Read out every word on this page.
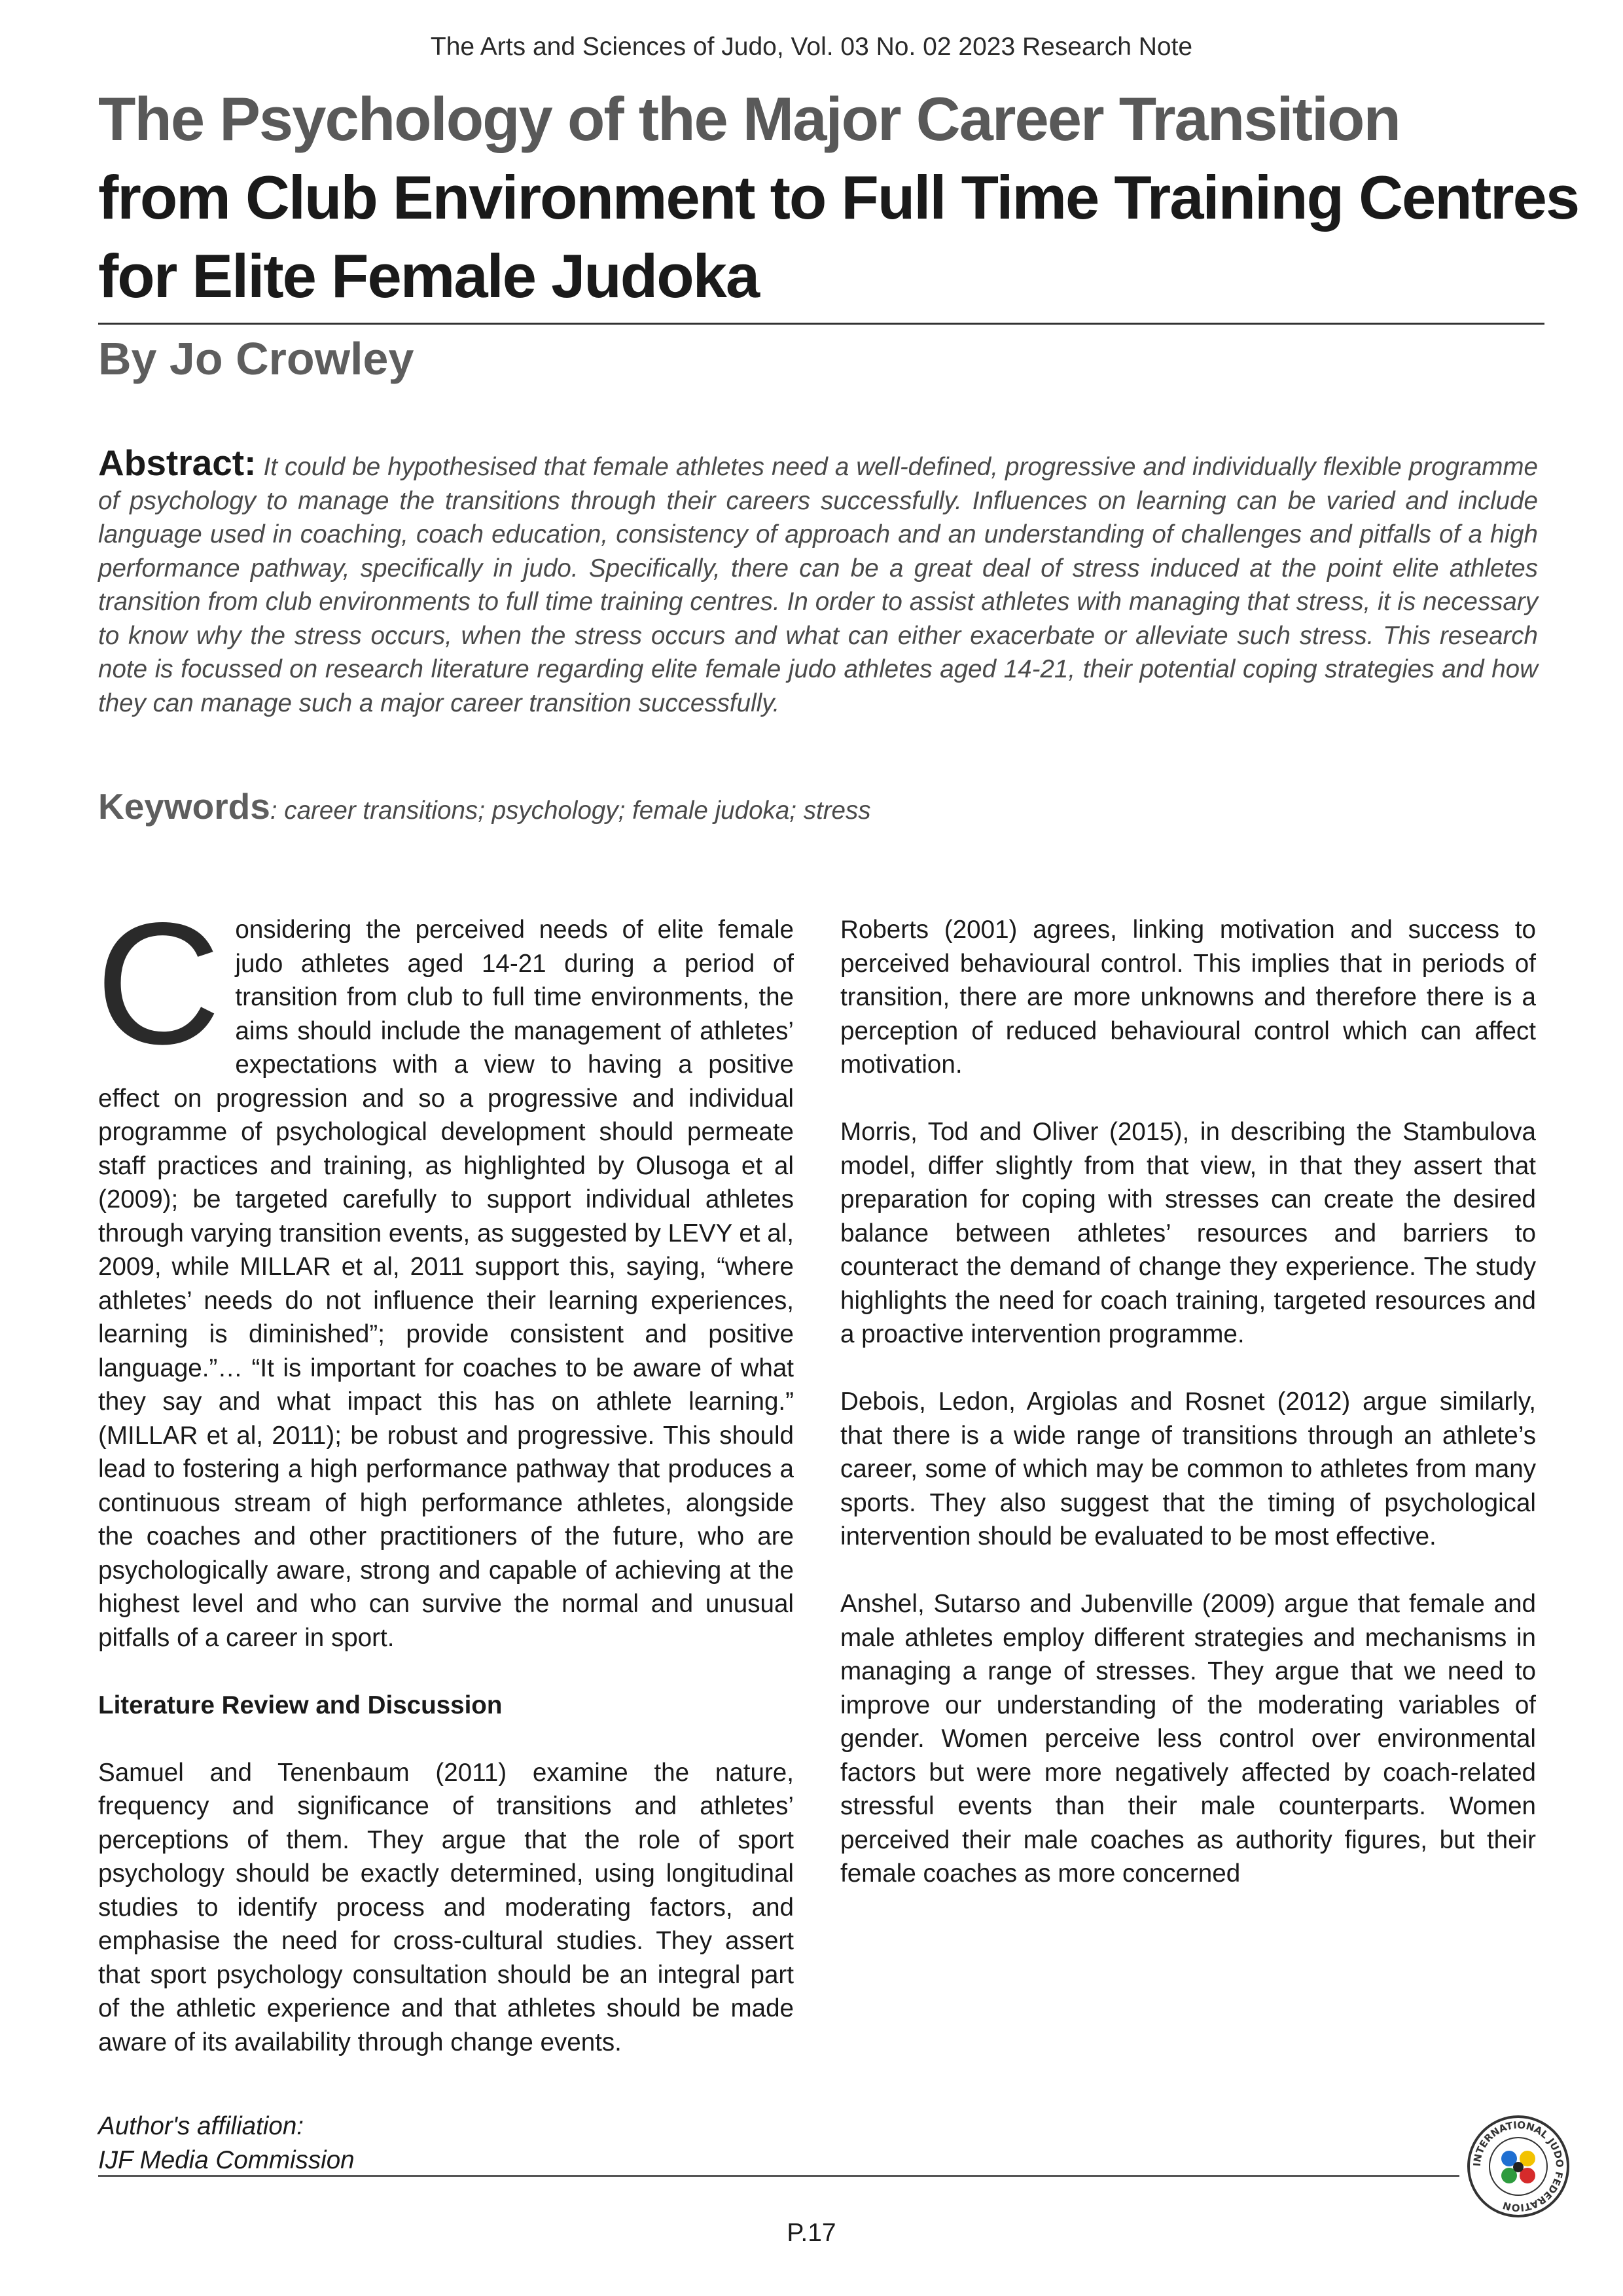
The Arts and Sciences of Judo, Vol. 03 No. 02 2023 Research Note
The Psychology of the Major Career Transition
from Club Environment to Full Time Training Centres
for Elite Female Judoka
By Jo Crowley

Abstract: It could be hypothesised that female athletes need a well-defined, progressive and individually flexible programme of psychology to manage the transitions through their careers successfully. Influences on learning can be varied and include language used in coaching, coach education, consistency of approach and an understanding of challenges and pitfalls of a high performance pathway, specifically in judo. Specifically, there can be a great deal of stress induced at the point elite athletes transition from club environments to full time training centres. In order to assist athletes with managing that stress, it is necessary to know why the stress occurs, when the stress occurs and what can either exacerbate or alleviate such stress. This research note is focussed on research literature regarding elite female judo athletes aged 14-21, their potential coping strategies and how they can manage such a major career transition successfully.

Keywords: career transitions; psychology; female judoka; stress

Considering the perceived needs of elite female judo athletes aged 14-21 during a period of transition from club to full time environments, the aims should include the management of athletes’ expectations with a view to having a positive effect on progression and so a progressive and individual programme of psychological development should permeate staff practices and training, as highlighted by Olusoga et al (2009); be targeted carefully to support individual athletes through varying transition events, as suggested by LEVY et al, 2009, while MILLAR et al, 2011 support this, saying, “where athletes’ needs do not influence their learning experiences, learning is diminished”; provide consistent and positive language.”… “It is important for coaches to be aware of what they say and what impact this has on athlete learning.” (MILLAR et al, 2011); be robust and progressive. This should lead to fostering a high performance pathway that produces a continuous stream of high performance athletes, alongside the coaches and other practitioners of the future, who are psychologically aware, strong and capable of achieving at the highest level and who can survive the normal and unusual pitfalls of a career in sport.

Literature Review and Discussion

Samuel and Tenenbaum (2011) examine the nature, frequency and significance of transitions and athletes’ perceptions of them. They argue that the role of sport psychology should be exactly determined, using longitudinal studies to identify process and moderating factors, and emphasise the need for cross-cultural studies. They assert that sport psychology consultation should be an integral part of the athletic experience and that athletes should be made aware of its availability through change events.

Roberts (2001) agrees, linking motivation and success to perceived behavioural control. This implies that in periods of transition, there are more unknowns and therefore there is a perception of reduced behavioural control which can affect motivation.

Morris, Tod and Oliver (2015), in describing the Stambulova model, differ slightly from that view, in that they assert that preparation for coping with stresses can create the desired balance between athletes’ resources and barriers to counteract the demand of change they experience. The study highlights the need for coach training, targeted resources and a proactive intervention programme.

Debois, Ledon, Argiolas and Rosnet (2012) argue similarly, that there is a wide range of transitions through an athlete’s career, some of which may be common to athletes from many sports. They also suggest that the timing of psychological intervention should be evaluated to be most effective.

Anshel, Sutarso and Jubenville (2009) argue that female and male athletes employ different strategies and mechanisms in managing a range of stresses. They argue that we need to improve our understanding of the moderating variables of gender. Women perceive less control over environmental factors but were more negatively affected by coach-related stressful events than their male counterparts. Women perceived their male coaches as authority figures, but their female coaches as more concerned

Author's affiliation:
IJF Media Commission
P.17
INTERNATIONAL JUDO FEDERATION
